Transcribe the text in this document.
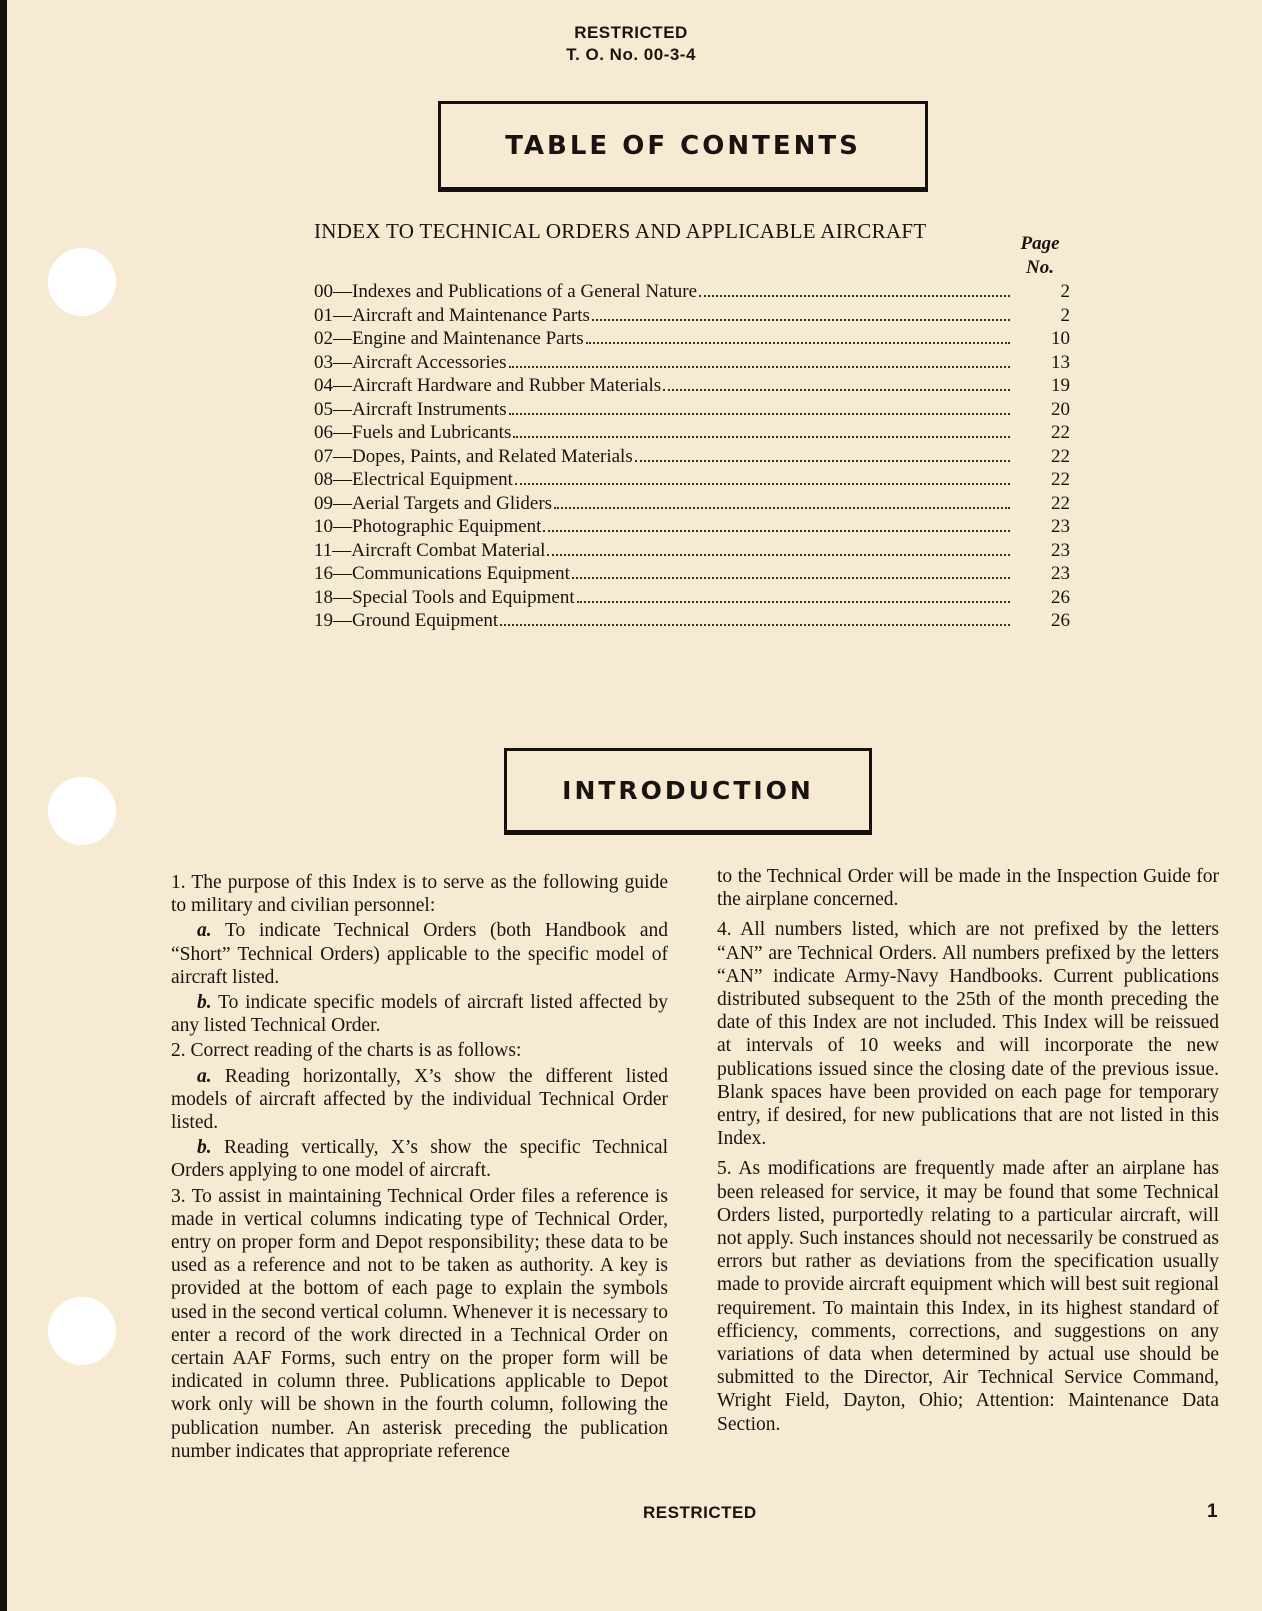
RESTRICTED
T. O. No. 00-3-4
TABLE OF CONTENTS
INDEX TO TECHNICAL ORDERS AND APPLICABLE AIRCRAFT
Page
No.
00—Indexes and Publications of a General Nature	2
01—Aircraft and Maintenance Parts	2
02—Engine and Maintenance Parts	10
03—Aircraft Accessories	13
04—Aircraft Hardware and Rubber Materials	19
05—Aircraft Instruments	20
06—Fuels and Lubricants	22
07—Dopes, Paints, and Related Materials	22
08—Electrical Equipment	22
09—Aerial Targets and Gliders	22
10—Photographic Equipment	23
11—Aircraft Combat Material	23
16—Communications Equipment	23
18—Special Tools and Equipment	26
19—Ground Equipment	26
INTRODUCTION

1. The purpose of this Index is to serve as the following guide to military and civilian personnel:

a. To indicate Technical Orders (both Handbook and “Short” Technical Orders) applicable to the specific model of aircraft listed.

b. To indicate specific models of aircraft listed affected by any listed Technical Order.

2. Correct reading of the charts is as follows:

a. Reading horizontally, X’s show the different listed models of aircraft affected by the individual Technical Order listed.

b. Reading vertically, X’s show the specific Technical Orders applying to one model of aircraft.

3. To assist in maintaining Technical Order files a reference is made in vertical columns indicating type of Technical Order, entry on proper form and Depot responsibility; these data to be used as a reference and not to be taken as authority. A key is provided at the bottom of each page to explain the symbols used in the second vertical column. Whenever it is necessary to enter a record of the work directed in a Technical Order on certain AAF Forms, such entry on the proper form will be indicated in column three. Publications applicable to Depot work only will be shown in the fourth column, following the publication number. An asterisk preceding the publication number indicates that appropriate reference

to the Technical Order will be made in the Inspection Guide for the airplane concerned.

4. All numbers listed, which are not prefixed by the letters “AN” are Technical Orders. All numbers prefixed by the letters “AN” indicate Army-Navy Handbooks. Current publications distributed subsequent to the 25th of the month preceding the date of this Index are not included. This Index will be reissued at intervals of 10 weeks and will incorporate the new publications issued since the closing date of the previous issue. Blank spaces have been provided on each page for temporary entry, if desired, for new publications that are not listed in this Index.

5. As modifications are frequently made after an airplane has been released for service, it may be found that some Technical Orders listed, purportedly relating to a particular aircraft, will not apply. Such instances should not necessarily be construed as errors but rather as deviations from the specification usually made to provide aircraft equipment which will best suit regional requirement. To maintain this Index, in its highest standard of efficiency, comments, corrections, and suggestions on any variations of data when determined by actual use should be submitted to the Director, Air Technical Service Command, Wright Field, Dayton, Ohio; Attention: Maintenance Data Section.

RESTRICTED	1
